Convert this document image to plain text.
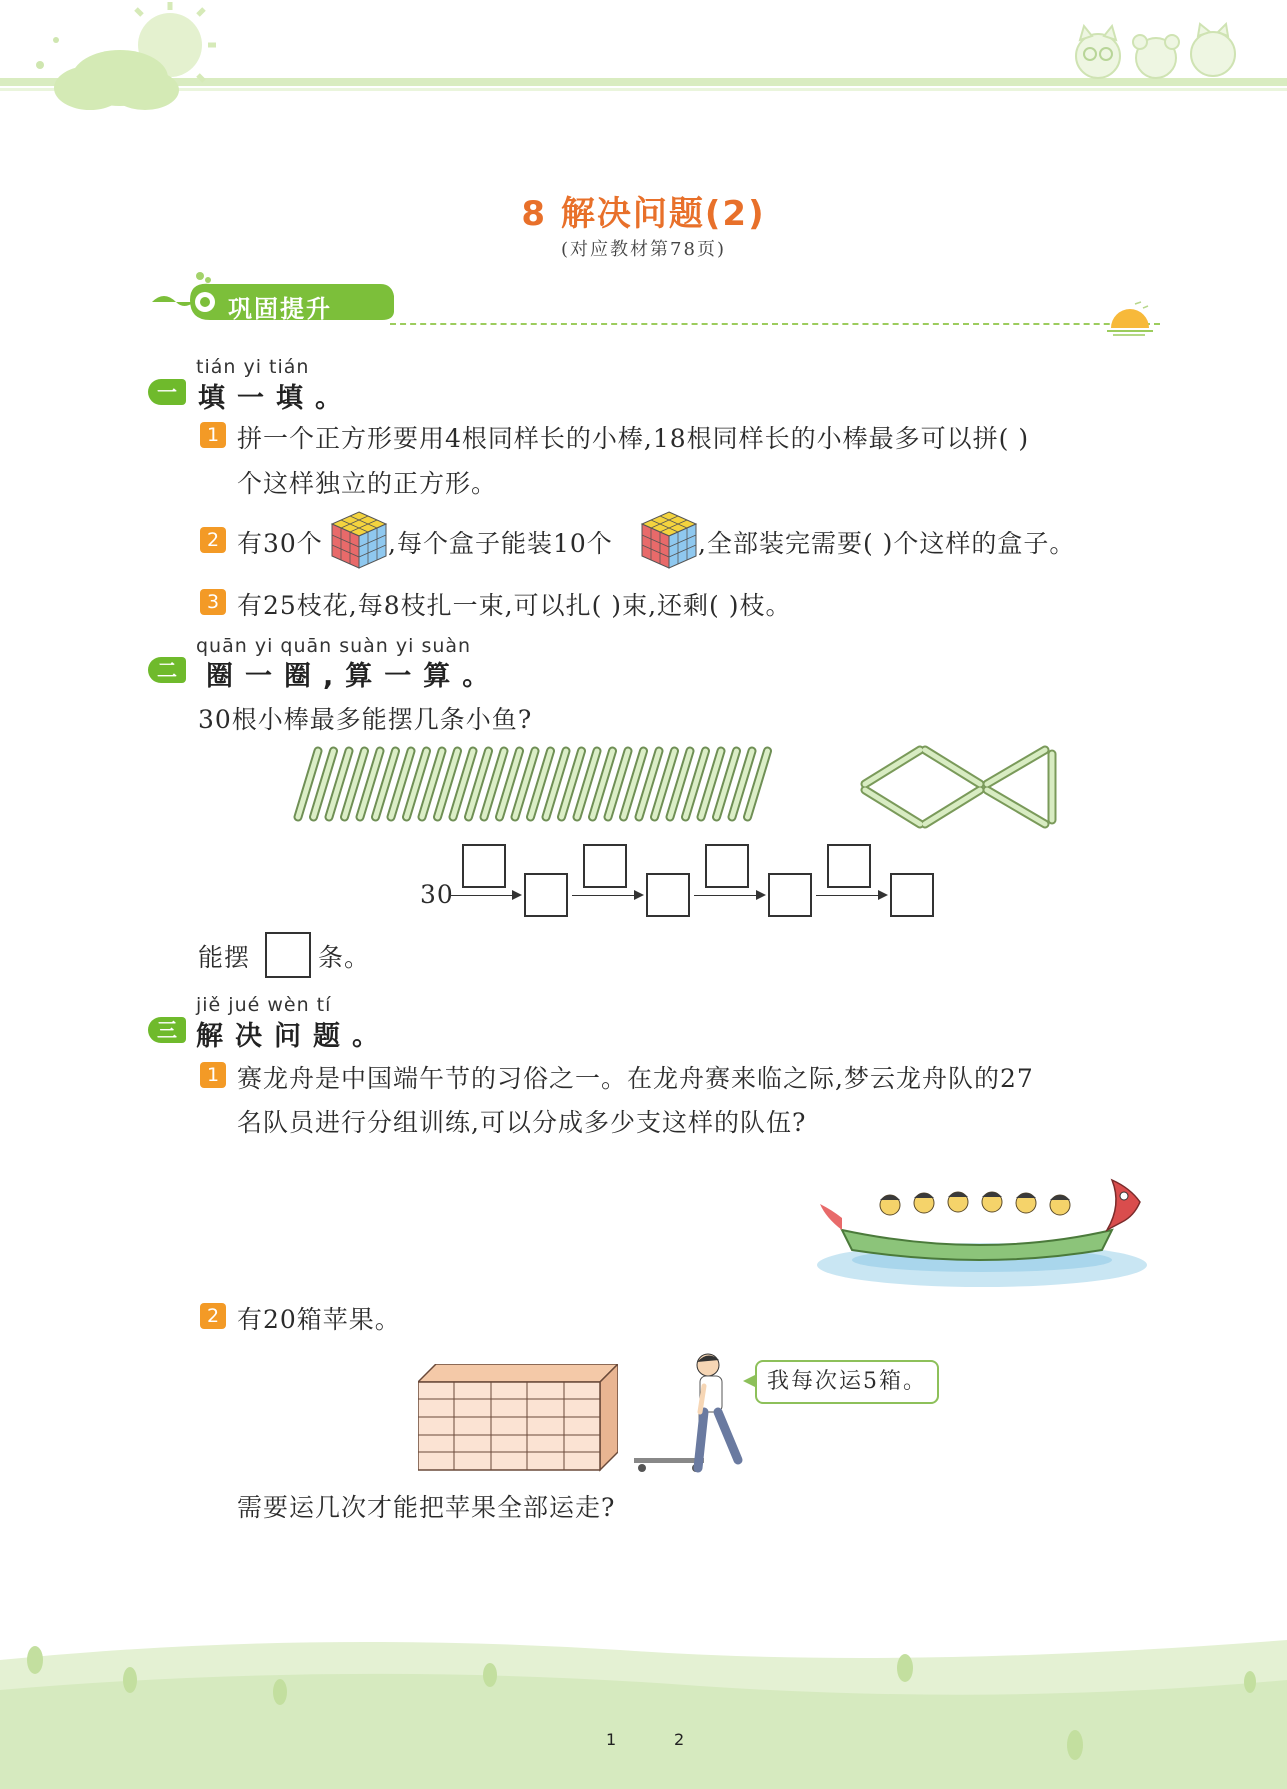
8 解决问题(2)
(对应教材第78页)
巩固提升
tián yi tián
一 填一填。
1 拼一个正方形要用4根同样长的小棒,18根同样长的小棒最多可以拼( )
个这样独立的正方形。
2 有30个	,每个盒子能装10个	,全部装完需要( )个这样的盒子。
3 有25枝花,每8枝扎一束,可以扎( )束,还剩( )枝。
quān yi quān suàn yi suàn
二	圈一圈,算一算。
30根小棒最多能摆几条小鱼?
30
能摆	条。
jiě jué wèn tí
三 解决问题。
1 赛龙舟是中国端午节的习俗之一。在龙舟赛来临之际,梦云龙舟队的27
名队员进行分组训练,可以分成多少支这样的队伍?
2 有20箱苹果。
我每次运5箱。
需要运几次才能把苹果全部运走?
1	2
